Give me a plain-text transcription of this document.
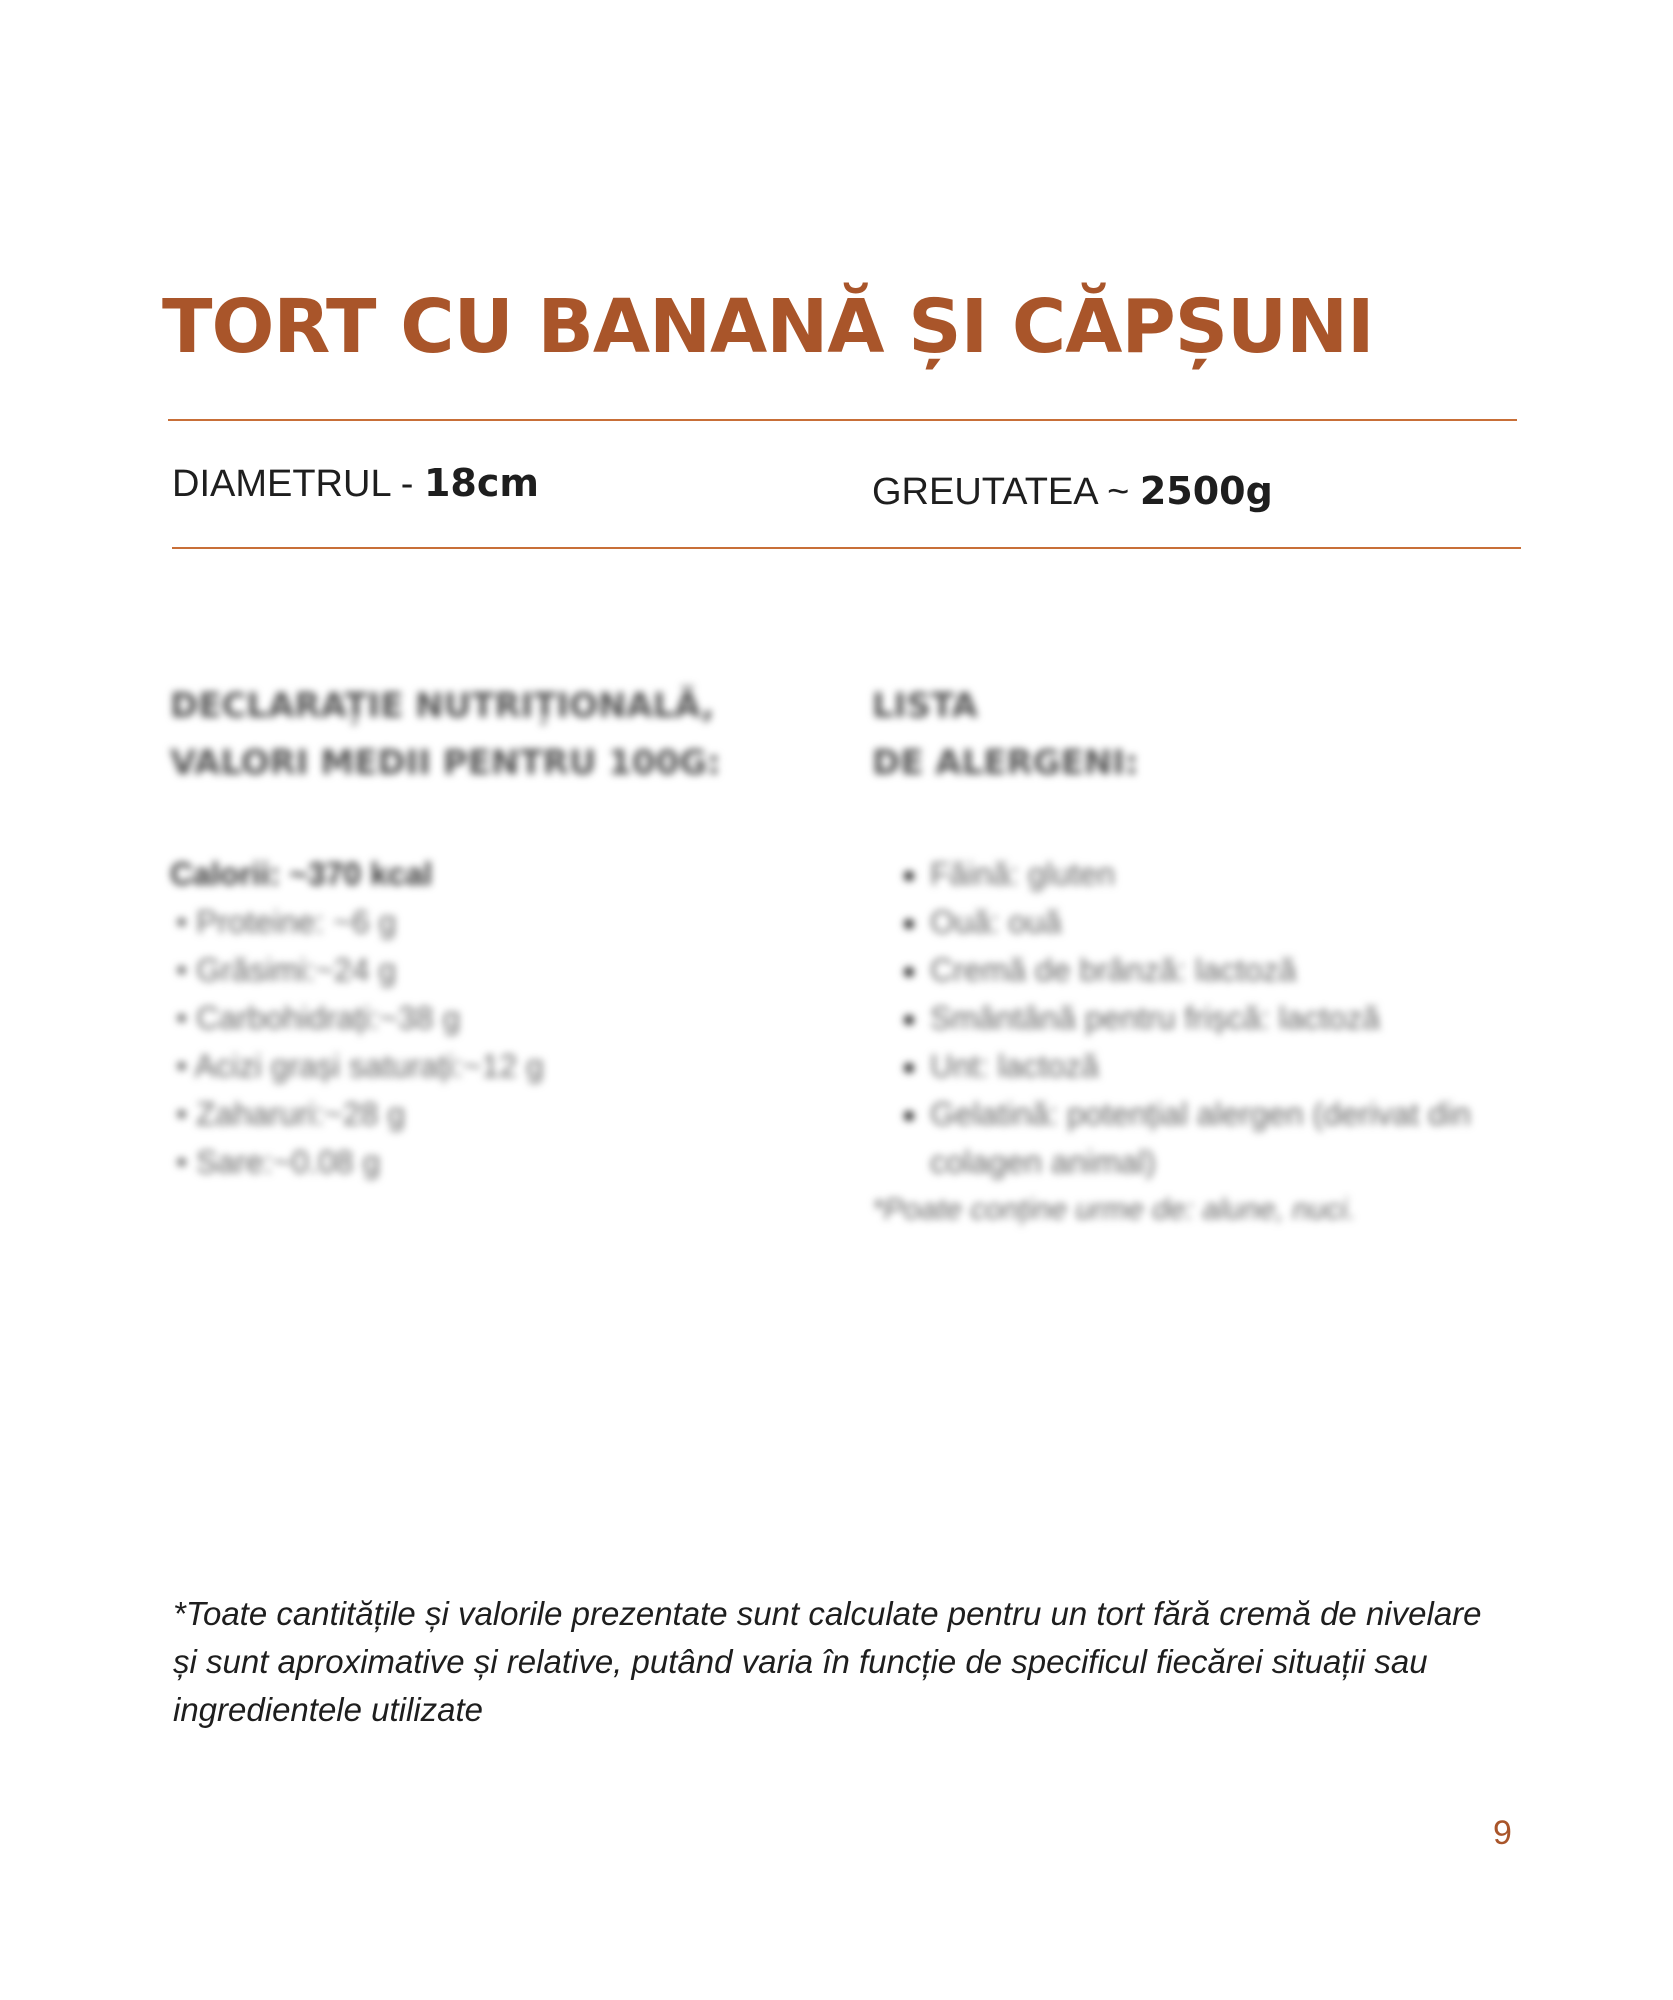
TORT CU BANANĂ ȘI CĂPȘUNI
DIAMETRUL - 18cm	GREUTATEA ~ 2500g
DECLARAȚIE NUTRIȚIONALĂ,
VALORI MEDII PENTRU 100G:
Calorii: ~370 kcal
• Proteine: ~6 g
• Grăsimi:~24 g
• Carbohidrați:~38 g
• Acizi grași saturați:~12 g
• Zaharuri:~28 g
• Sare:~0.08 g
LISTA
DE ALERGENI:
• Făină: gluten
• Ouă: ouă
• Cremă de brânză: lactoză
• Smântână pentru frișcă: lactoză
• Unt: lactoză
• Gelatină: potențial alergen (derivat din colagen animal)
*Poate conține urme de: alune, nuci.

*Toate cantitățile și valorile prezentate sunt calculate pentru un tort fără cremă de nivelare și sunt aproximative și relative, putând varia în funcție de specificul fiecărei situații sau ingredientele utilizate

9
